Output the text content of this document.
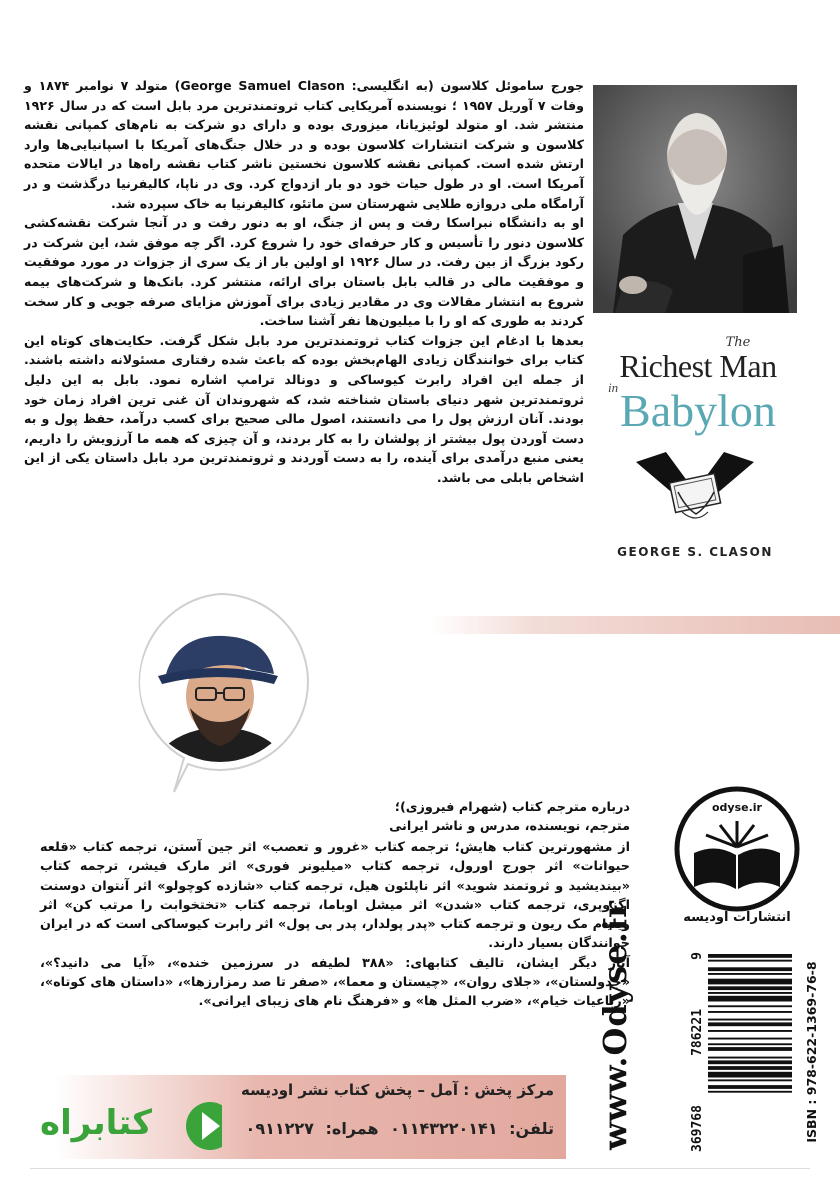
جورج ساموئل کلاسون (به انگلیسی: George Samuel Clason) متولد ۷ نوامبر ۱۸۷۴ و وفات ۷ آوریل ۱۹۵۷ ؛ نویسنده آمریکایی کتاب ثروتمندترین مرد بابل است که در سال ۱۹۲۶ منتشر شد. او متولد لوئیزیانا، میزوری بوده و دارای دو شرکت به نام‌های کمپانی نقشه کلاسون و شرکت انتشارات کلاسون بوده و در خلال جنگ‌های آمریکا با اسپانیایی‌ها وارد ارتش شده است. کمپانی نقشه کلاسون نخستین ناشر کتاب نقشه راه‌ها در ایالات متحده آمریکا است. او در طول حیات خود دو بار ازدواج کرد. وی در ناپا، کالیفرنیا درگذشت و در آرامگاه ملی دروازه طلایی شهرستان سن ماتئو، کالیفرنیا به خاک سپرده شد.

او به دانشگاه نبراسکا رفت و پس از جنگ، او به دنور رفت و در آنجا شرکت نقشه‌کشی کلاسون دنور را تأسیس و کار حرفه‌ای خود را شروع کرد. اگر چه موفق شد، این شرکت در رکود بزرگ از بین رفت. در سال ۱۹۲۶ او اولین بار از یک سری از جزوات در مورد موفقیت و موفقیت مالی در قالب بابل باستان برای ارائه، منتشر کرد. بانک‌ها و شرکت‌های بیمه شروع به انتشار مقالات وی در مقادیر زیادی برای آموزش مزایای صرفه جویی و کار سخت کردند به طوری که او را با میلیون‌ها نفر آشنا ساخت.

بعدها با ادغام این جزوات کتاب ثروتمندترین مرد بابل شکل گرفت. حکایت‌های کوتاه این کتاب برای خوانندگان زیادی الهام‌بخش بوده که باعث شده رفتاری مسئولانه داشته باشند. از جمله این افراد رابرت کیوساکی و دونالد ترامپ اشاره نمود. بابل به این دلیل ثروتمندترین شهر دنیای باستان شناخته شد، که شهروندان آن غنی ترین افراد زمان خود بودند. آنان ارزش پول را می دانستند، اصول مالی صحیح برای کسب درآمد، حفظ پول و به دست آوردن پول بیشتر از پولشان را به کار بردند، و آن چیزی که همه ما آرزویش را داریم، یعنی منبع درآمدی برای آینده، را به دست آوردند و ثروتمندترین مرد بابل داستان یکی از این اشخاص بابلی می باشد.

The
Richest Man
in Babylon
GEORGE S. CLASON

درباره مترجم کتاب (شهرام فیروزی)؛

مترجم، نویسنده، مدرس و ناشر ایرانی

از مشهورترین کتاب هایش؛ ترجمه کتاب «غرور و تعصب» اثر جین آستن، ترجمه کتاب «قلعه حیوانات» اثر جورج اورول، ترجمه کتاب «میلیونر فوری» اثر مارک فیشر، ترجمه کتاب «بیندیشید و ثروتمند شوید» اثر ناپلئون هیل، ترجمه کتاب «شازده کوچولو» اثر آنتوان دوسنت اگزوپری، ترجمه کتاب «شدن» اثر میشل اوباما، ترجمه کتاب «تختخوابت را مرتب کن» اثر ویلیام مک ریون و ترجمه کتاب «پدر پولدار، پدر بی پول» اثر رابرت کیوساکی است که در ایران خوانندگان بسیار دارند.

آثار دیگر ایشان، تالیف کتابهای: «۳۸۸ لطیفه در سرزمین خنده»، «آیا می دانید؟»، «جدولستان»، «جلای روان»، «چیستان و معما»، «صفر تا صد رمزارزها»، «داستان های کوتاه»، «رباعیات خیام»، «ضرب المثل ها» و «فرهنگ نام های زیبای ایرانی».

odyse.ir
انتشارات اودیسه
www.Odyse.ir	ISBN : 978-622-1369-76-8
369768
786221
9
مرکز پخش : آمل – پخش کتاب نشر اودیسه
تلفن: ۰۱۱۴۳۲۲۰۱۴۱ همراه: ۰۹۱۱۲۲۷
کتابراه
